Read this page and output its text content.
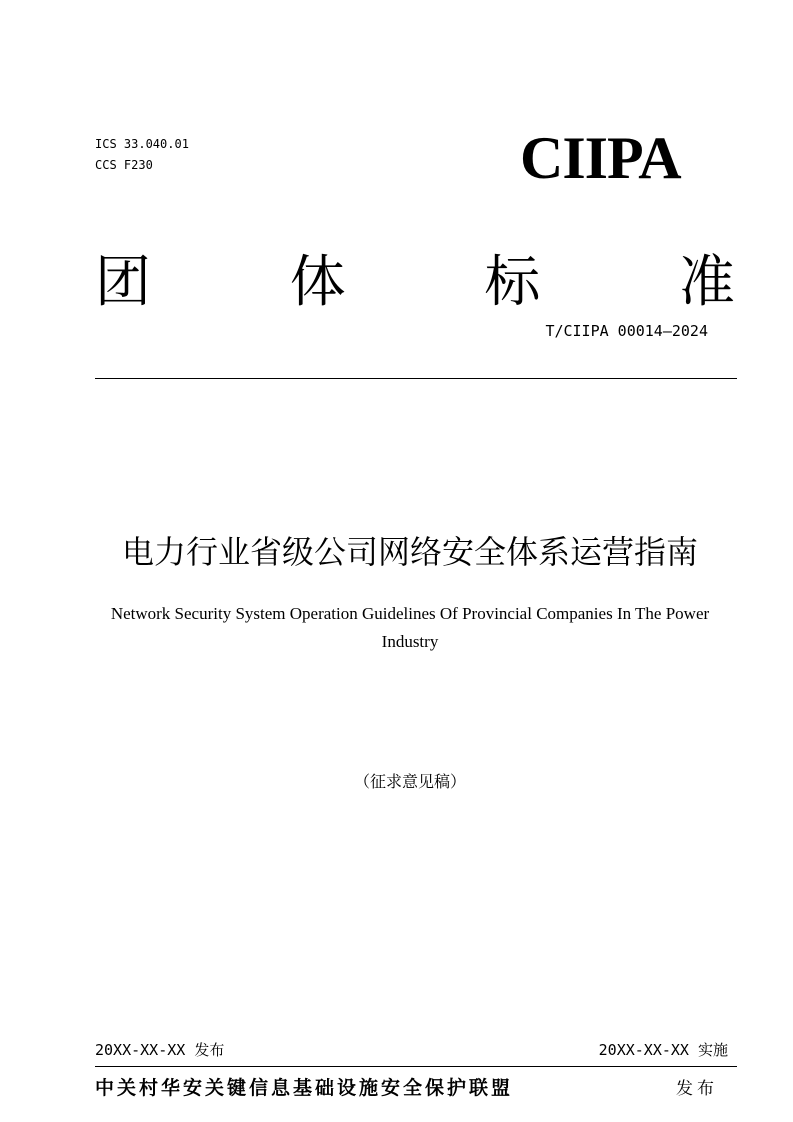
ICS 33.040.01
CCS F230	CIIPA
团 体 标 准
T/CIIPA 00014—2024
电力行业省级公司网络安全体系运营指南
Network Security System Operation Guidelines Of Provincial Companies In The Power Industry
（征求意见稿）
20XX-XX-XX 发布	20XX-XX-XX 实施
中关村华安关键信息基础设施安全保护联盟	发布
